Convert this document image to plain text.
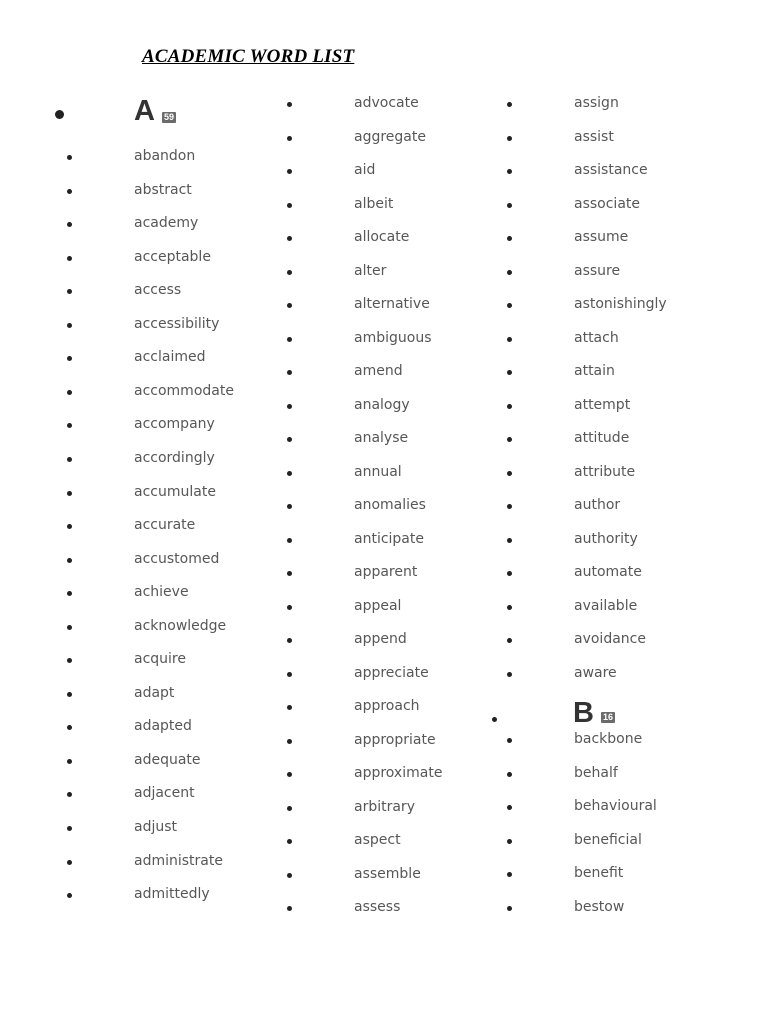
ACADEMIC WORD LIST
A 59
abandon
abstract
academy
acceptable
access
accessibility
acclaimed
accommodate
accompany
accordingly
accumulate
accurate
accustomed
achieve
acknowledge
acquire
adapt
adapted
adequate
adjacent
adjust
administrate
admittedly
advocate
aggregate
aid
albeit
allocate
alter
alternative
ambiguous
amend
analogy
analyse
annual
anomalies
anticipate
apparent
appeal
append
appreciate
approach
appropriate
approximate
arbitrary
aspect
assemble
assess
assign
assist
assistance
associate
assume
assure
astonishingly
attach
attain
attempt
attitude
attribute
author
authority
automate
available
avoidance
aware
B 16
backbone
behalf
behavioural
beneficial
benefit
bestow
